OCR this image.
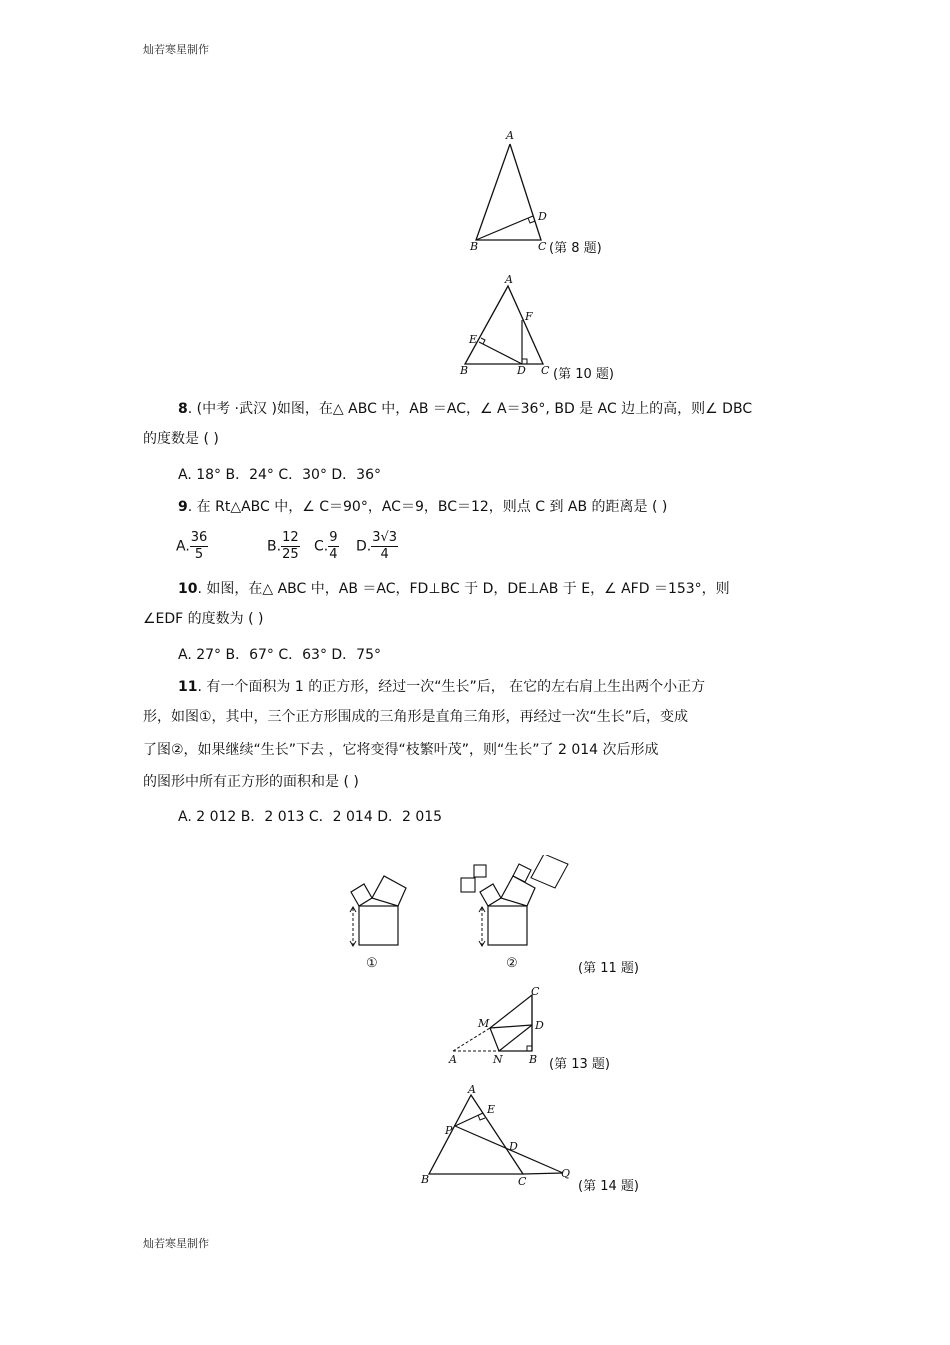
灿若寒星制作
A
B	C
D
(第 8 题)
A
B	C
D
E
F
(第 10 题)
8. (中考 ·武汉 )如图，在△ ABC 中，AB ＝AC，∠ A＝36°, BD 是 AC 边上的高，则∠ DBC
的度数是 ( )
A. 18° B．24° C．30° D．36°
9. 在 Rt△ABC 中，∠ C＝90°，AC＝9，BC＝12，则点 C 到 AB 的距离是 ( )
A. $\frac{36}{5}$	B. $\frac{12}{25} C$. $\frac{9}{4} D$. $\frac{3√3}{4}$
10. 如图，在△ ABC 中，AB ＝AC，FD⊥BC 于 D，DE⊥AB 于 E，∠ AFD ＝153°，则
∠EDF 的度数为 ( )
A. 27° B．67° C．63° D．75°
11. 有一个面积为 1 的正方形，经过一次“生长”后， 在它的左右肩上生出两个小正方
形，如图①，其中，三个正方形围成的三角形是直角三角形，再经过一次“生长”后，变成
了图②，如果继续“生长”下去 ，它将变得“枝繁叶茂”，则“生长”了 2 014 次后形成
的图形中所有正方形的面积和是 ( )
A. 2 012 B．2 013 C．2 014 D．2 015
①	②	(第 11 题)
A	B
C
D
M
N	(第 13 题)
A
B	C
D
E
P
Q
(第 14 题)
灿若寒星制作
